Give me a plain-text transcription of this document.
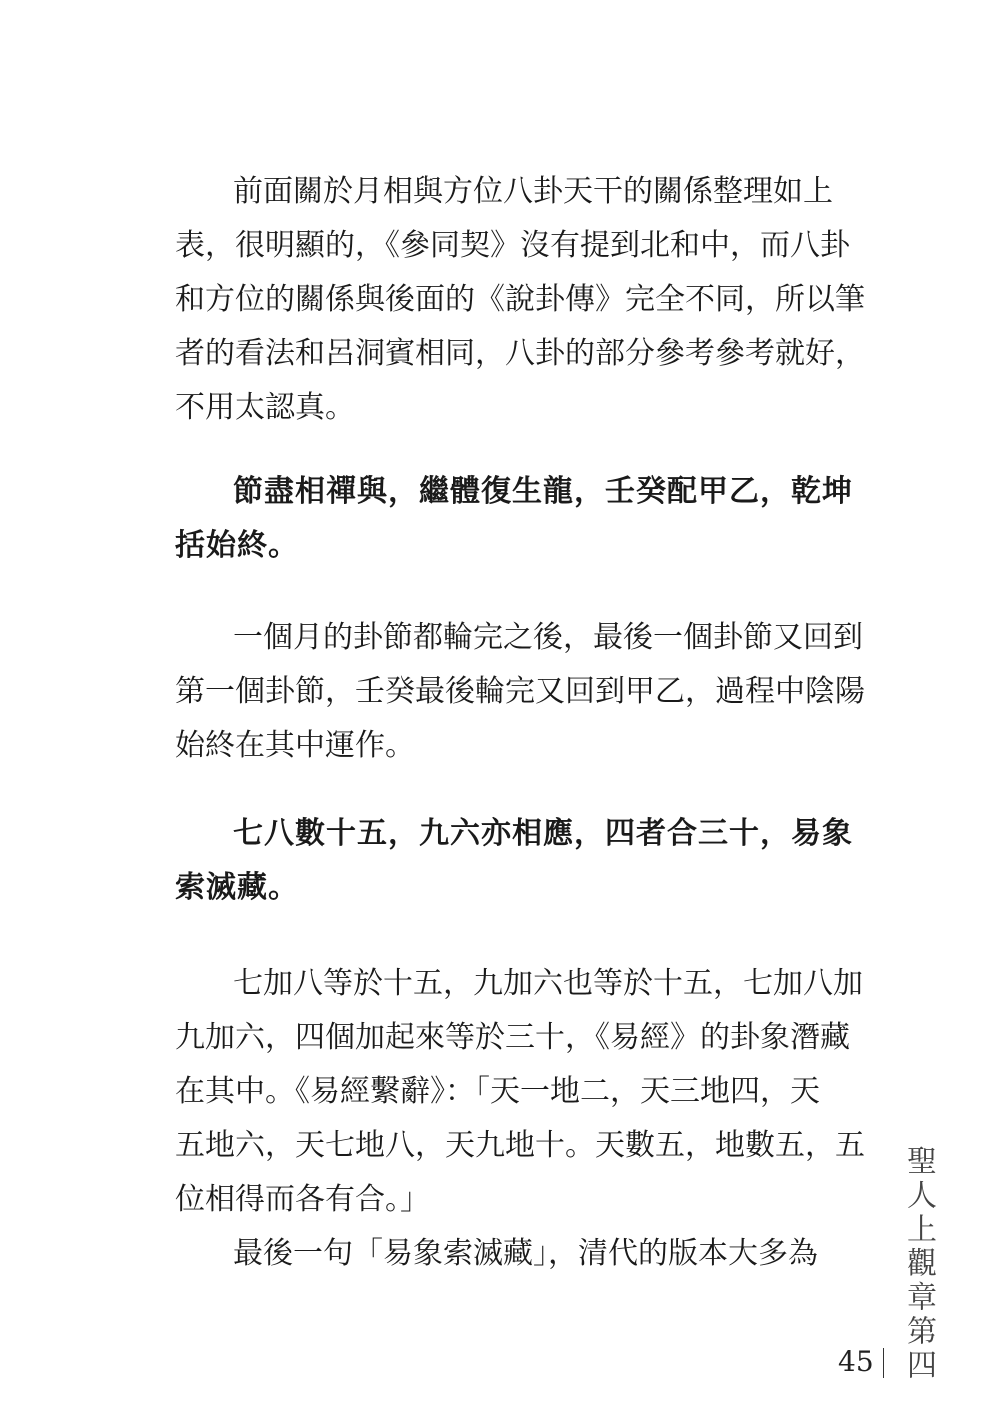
前面關於月相與方位八卦天干的關係整理如上
表，很明顯的，《參同契》沒有提到北和中，而八卦
和方位的關係與後面的《說卦傳》完全不同，所以筆
者的看法和呂洞賓相同，八卦的部分參考參考就好，
不用太認真。
節盡相禪與，繼體復生龍，壬癸配甲乙，乾坤
括始終。
一個月的卦節都輪完之後，最後一個卦節又回到
第一個卦節，壬癸最後輪完又回到甲乙，過程中陰陽
始終在其中運作。
七八數十五，九六亦相應，四者合三十，易象
索滅藏。
七加八等於十五，九加六也等於十五，七加八加
九加六，四個加起來等於三十，《易經》的卦象潛藏
在其中。《易經繫辭》：「天一地二，天三地四，天
五地六，天七地八，天九地十。天數五，地數五，五
位相得而各有合。」
最後一句「易象索滅藏」，清代的版本大多為	聖人上觀章第四
45
